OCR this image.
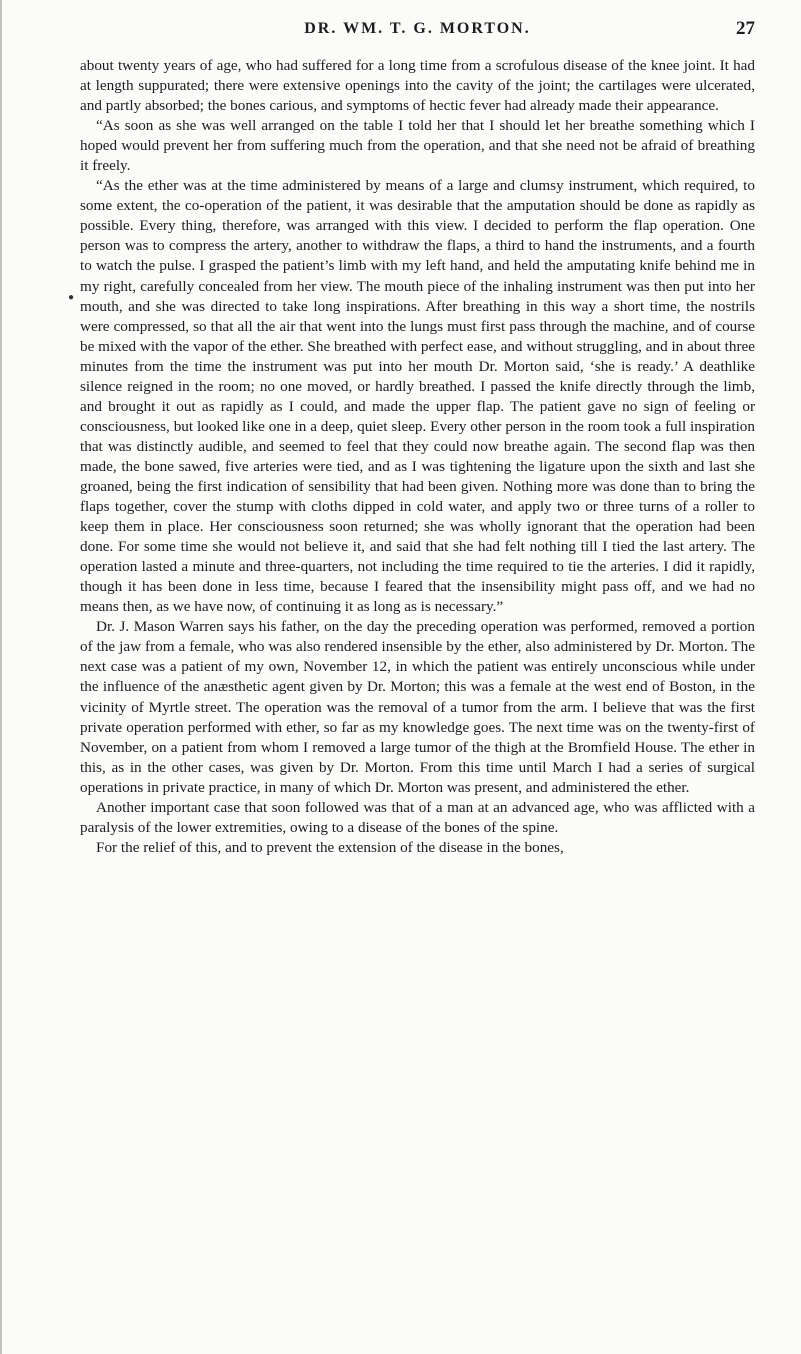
DR. WM. T. G. MORTON.	27
●

about twenty years of age, who had suffered for a long time from a scrofulous disease of the knee joint. It had at length suppurated; there were extensive openings into the cavity of the joint; the cartilages were ulcerated, and partly absorbed; the bones carious, and symptoms of hectic fever had already made their appearance.

“As soon as she was well arranged on the table I told her that I should let her breathe something which I hoped would prevent her from suffering much from the operation, and that she need not be afraid of breathing it freely.

“As the ether was at the time administered by means of a large and clumsy instrument, which required, to some extent, the co-operation of the patient, it was desirable that the amputation should be done as rapidly as possible. Every thing, therefore, was arranged with this view. I decided to perform the flap operation. One person was to compress the artery, another to withdraw the flaps, a third to hand the instruments, and a fourth to watch the pulse. I grasped the patient’s limb with my left hand, and held the amputating knife behind me in my right, carefully concealed from her view. The mouth piece of the inhaling instrument was then put into her mouth, and she was directed to take long inspirations. After breathing in this way a short time, the nostrils were compressed, so that all the air that went into the lungs must first pass through the machine, and of course be mixed with the vapor of the ether. She breathed with perfect ease, and without struggling, and in about three minutes from the time the instrument was put into her mouth Dr. Morton said, ‘she is ready.’ A deathlike silence reigned in the room; no one moved, or hardly breathed. I passed the knife directly through the limb, and brought it out as rapidly as I could, and made the upper flap. The patient gave no sign of feeling or consciousness, but looked like one in a deep, quiet sleep. Every other person in the room took a full inspiration that was distinctly audible, and seemed to feel that they could now breathe again. The second flap was then made, the bone sawed, five arteries were tied, and as I was tightening the ligature upon the sixth and last she groaned, being the first indication of sensibility that had been given. Nothing more was done than to bring the flaps together, cover the stump with cloths dipped in cold water, and apply two or three turns of a roller to keep them in place. Her consciousness soon returned; she was wholly ignorant that the operation had been done. For some time she would not believe it, and said that she had felt nothing till I tied the last artery. The operation lasted a minute and three-quarters, not including the time required to tie the arteries. I did it rapidly, though it has been done in less time, because I feared that the insensibility might pass off, and we had no means then, as we have now, of continuing it as long as is necessary.”

Dr. J. Mason Warren says his father, on the day the preceding operation was performed, removed a portion of the jaw from a female, who was also rendered insensible by the ether, also administered by Dr. Morton. The next case was a patient of my own, November 12, in which the patient was entirely unconscious while under the influence of the anæsthetic agent given by Dr. Morton; this was a female at the west end of Boston, in the vicinity of Myrtle street. The operation was the removal of a tumor from the arm. I believe that was the first private operation performed with ether, so far as my knowledge goes. The next time was on the twenty-first of November, on a patient from whom I removed a large tumor of the thigh at the Bromfield House. The ether in this, as in the other cases, was given by Dr. Morton. From this time until March I had a series of surgical operations in private practice, in many of which Dr. Morton was present, and administered the ether.

Another important case that soon followed was that of a man at an advanced age, who was afflicted with a paralysis of the lower extremities, owing to a disease of the bones of the spine.

For the relief of this, and to prevent the extension of the disease in the bones,
